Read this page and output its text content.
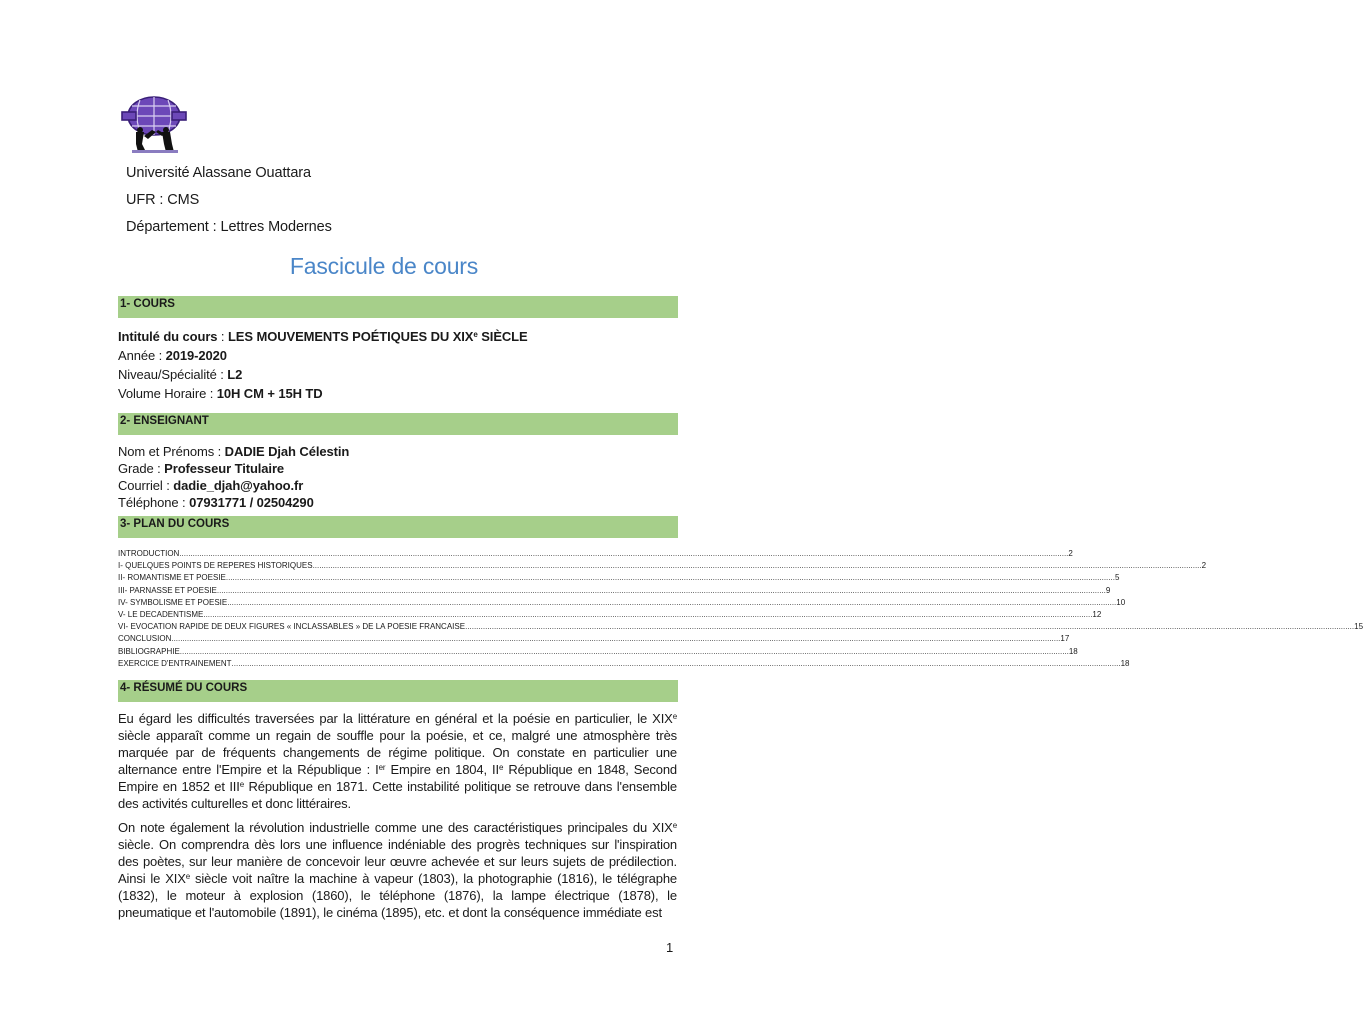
Université Alassane Ouattara
UFR : CMS
Département : Lettres Modernes
Fascicule de cours
1- COURS
Intitulé du cours : LES MOUVEMENTS POÉTIQUES DU XIXe SIÈCLE
Année : 2019-2020
Niveau/Spécialité : L2
Volume Horaire : 10H CM + 15H TD
2- ENSEIGNANT
Nom et Prénoms : DADIE Djah Célestin
Grade : Professeur Titulaire
Courriel : dadie_djah@yahoo.fr
Téléphone : 07931771 / 02504290
3- PLAN DU COURS
INTRODUCTION ................................................................................................................................................................................................................................................................................................................................................................................................................ 2
I- QUELQUES POINTS DE REPERES HISTORIQUES ................................................................................................................................................................................................................................................................................................................................................................................................................ 2
II- ROMANTISME ET POESIE ................................................................................................................................................................................................................................................................................................................................................................................................................ 5
III- PARNASSE ET POESIE ................................................................................................................................................................................................................................................................................................................................................................................................................ 9
IV- SYMBOLISME ET POESIE ................................................................................................................................................................................................................................................................................................................................................................................................................ 10
V- LE DECADENTISME ................................................................................................................................................................................................................................................................................................................................................................................................................ 12
VI- EVOCATION RAPIDE DE DEUX FIGURES « INCLASSABLES » DE LA POESIE FRANCAISE ................................................................................................................................................................................................................................................................................................................................................................................................................ 15
CONCLUSION ................................................................................................................................................................................................................................................................................................................................................................................................................ 17
BIBLIOGRAPHIE ................................................................................................................................................................................................................................................................................................................................................................................................................ 18
EXERCICE D'ENTRAINEMENT ................................................................................................................................................................................................................................................................................................................................................................................................................ 18
4- RÉSUMÉ DU COURS
Eu égard les difficultés traversées par la littérature en général et la poésie en particulier, le XIXe siècle apparaît comme un regain de souffle pour la poésie, et ce, malgré une atmosphère très marquée par de fréquents changements de régime politique. On constate en particulier une alternance entre l'Empire et la République : Ier Empire en 1804, IIe République en 1848, Second Empire en 1852 et IIIe République en 1871. Cette instabilité politique se retrouve dans l'ensemble des activités culturelles et donc littéraires.
On note également la révolution industrielle comme une des caractéristiques principales du XIXe siècle. On comprendra dès lors une influence indéniable des progrès techniques sur l'inspiration des poètes, sur leur manière de concevoir leur œuvre achevée et sur leurs sujets de prédilection. Ainsi le XIXe siècle voit naître la machine à vapeur (1803), la photographie (1816), le télégraphe (1832), le moteur à explosion (1860), le téléphone (1876), la lampe électrique (1878), le pneumatique et l'automobile (1891), le cinéma (1895), etc. et dont la conséquence immédiate est
1
